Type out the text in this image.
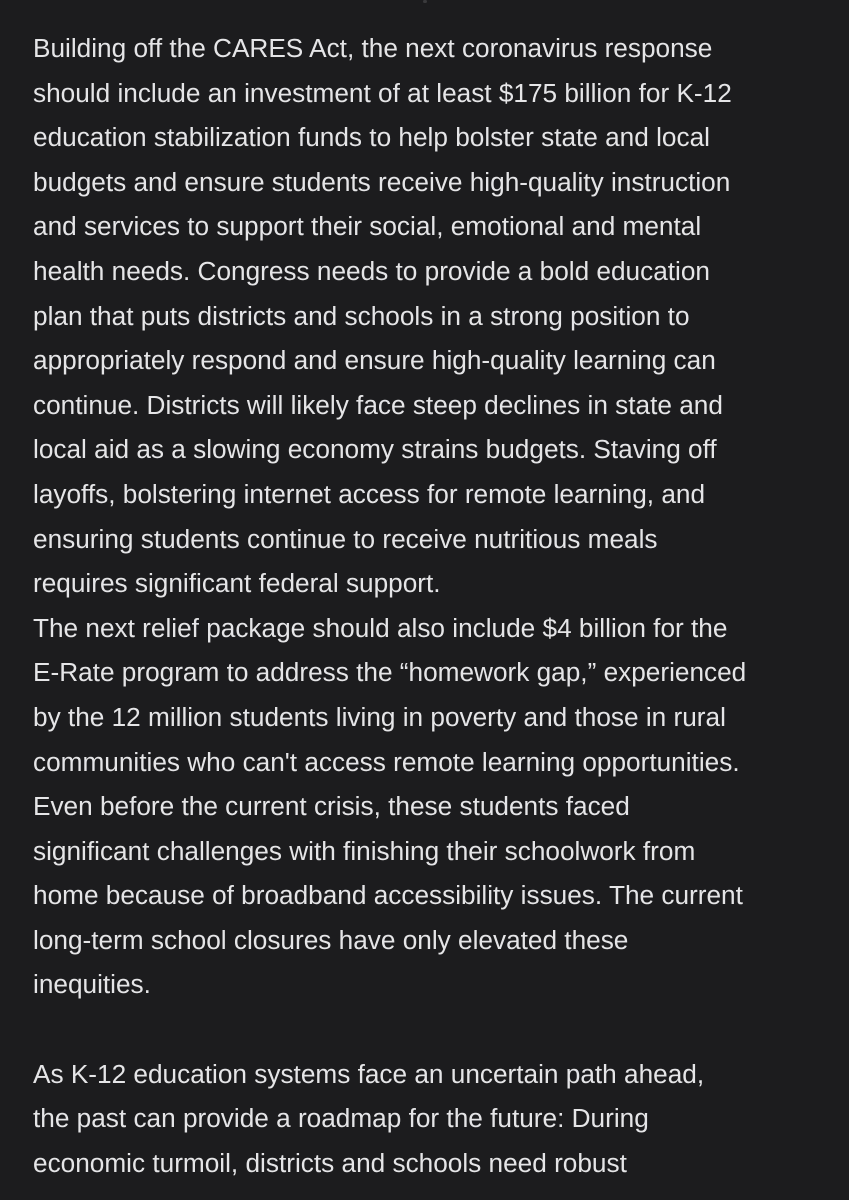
Building off the CARES Act, the next coronavirus response
should include an investment of at least $175 billion for K-12
education stabilization funds to help bolster state and local
budgets and ensure students receive high-quality instruction
and services to support their social, emotional and mental
health needs. Congress needs to provide a bold education
plan that puts districts and schools in a strong position to
appropriately respond and ensure high-quality learning can
continue. Districts will likely face steep declines in state and
local aid as a slowing economy strains budgets. Staving off
layoffs, bolstering internet access for remote learning, and
ensuring students continue to receive nutritious meals
requires significant federal support.

The next relief package should also include $4 billion for the
E-Rate program to address the “homework gap,” experienced
by the 12 million students living in poverty and those in rural
communities who can't access remote learning opportunities.
Even before the current crisis, these students faced
significant challenges with finishing their schoolwork from
home because of broadband accessibility issues. The current
long-term school closures have only elevated these
inequities.

As K-12 education systems face an uncertain path ahead,
the past can provide a roadmap for the future: During
economic turmoil, districts and schools need robust
